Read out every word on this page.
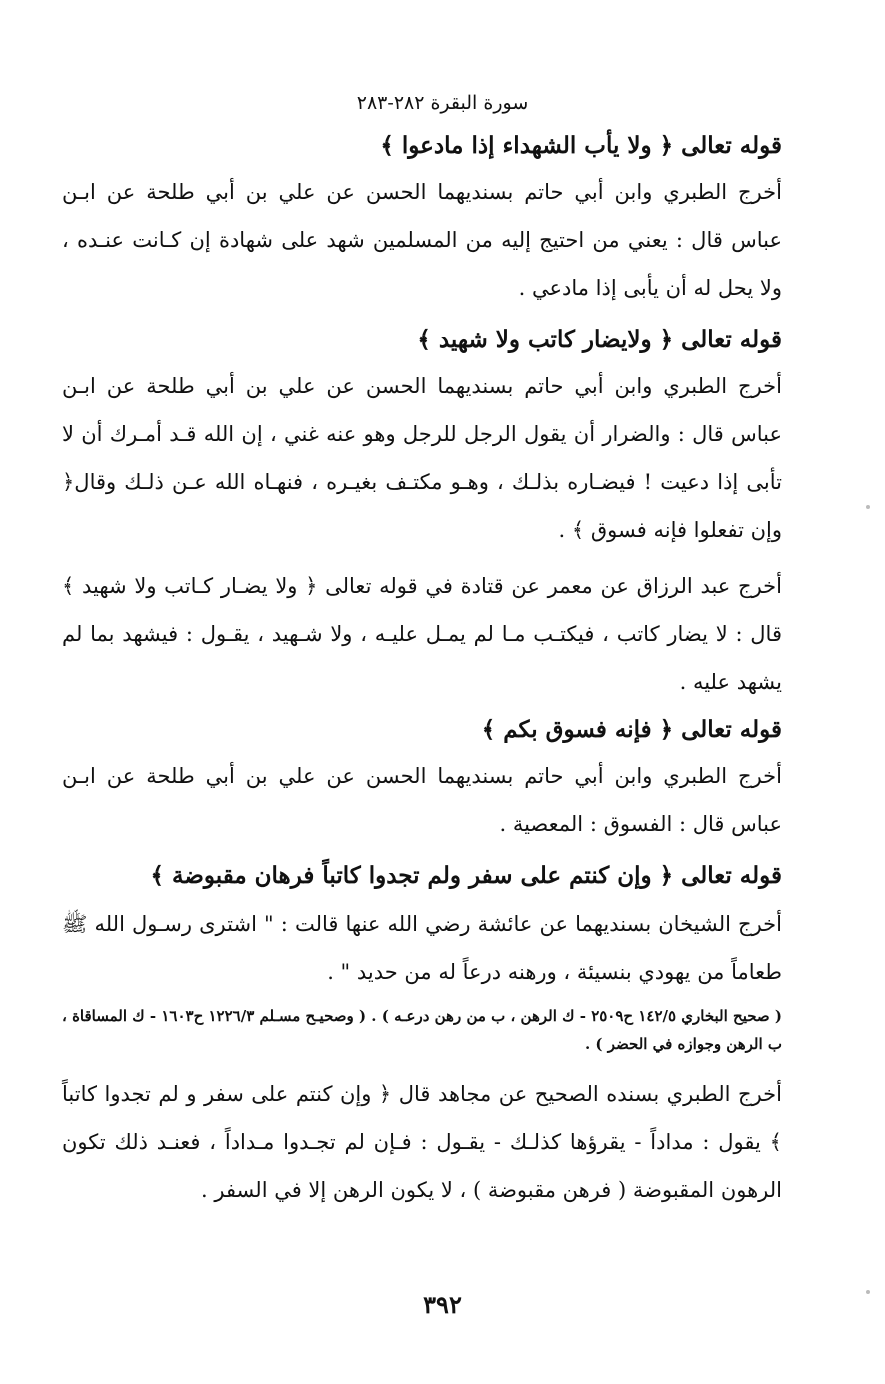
سورة البقرة ٢٨٢-٢٨٣
قوله تعالى ﴿ ولا يأب الشهداء إذا مادعوا ﴾
أخرج الطبري وابن أبي حاتم بسنديهما الحسن عن علي بن أبي طلحة عن ابـن عباس قال : يعني من احتيج إليه من المسلمين شهد على شهادة إن كـانت عنـده ، ولا يحل له أن يأبى إذا مادعي .
قوله تعالى ﴿ ولايضار كاتب ولا شهيد ﴾
أخرج الطبري وابن أبي حاتم بسنديهما الحسن عن علي بن أبي طلحة عن ابـن عباس قال : والضرار أن يقول الرجل للرجل وهو عنه غني ، إن الله قـد أمـرك أن لا تأبى إذا دعيت ! فيضـاره بذلـك ، وهـو مكتـف بغيـره ، فنهـاه الله عـن ذلـك وقال﴿ وإن تفعلوا فإنه فسوق ﴾ .
أخرج عبد الرزاق عن معمر عن قتادة في قوله تعالى ﴿ ولا يضـار كـاتب ولا شهيد ﴾ قال : لا يضار كاتب ، فيكتـب مـا لم يمـل عليـه ، ولا شـهيد ، يقـول : فيشهد بما لم يشهد عليه .
قوله تعالى ﴿ فإنه فسوق بكم ﴾
أخرج الطبري وابن أبي حاتم بسنديهما الحسن عن علي بن أبي طلحة عن ابـن عباس قال : الفسوق : المعصية .
قوله تعالى ﴿ وإن كنتم على سفر ولم تجدوا كاتباً فرهان مقبوضة ﴾
أخرج الشيخان بسنديهما عن عائشة رضي الله عنها قالت : " اشترى رسـول الله ﷺ طعاماً من يهودي بنسيئة ، ورهنه درعاً له من حديد " .
( صحيح البخاري ١٤٢/٥ ح٢٥٠٩ - ك الرهن ، ب من رهن درعـه ) . ( وصحيـح مسـلم ١٢٢٦/٣ ح١٦٠٣ - ك المساقاة ، ب الرهن وجوازه في الحضر ) .
أخرج الطبري بسنده الصحيح عن مجاهد قال ﴿ وإن كنتم على سفر و لم تجدوا كاتباً ﴾ يقول : مداداً - يقرؤها كذلـك - يقـول : فـإن لم تجـدوا مـداداً ، فعنـد ذلك تكون الرهون المقبوضة ( فرهن مقبوضة ) ، لا يكون الرهن إلا في السفر .
٣٩٢
